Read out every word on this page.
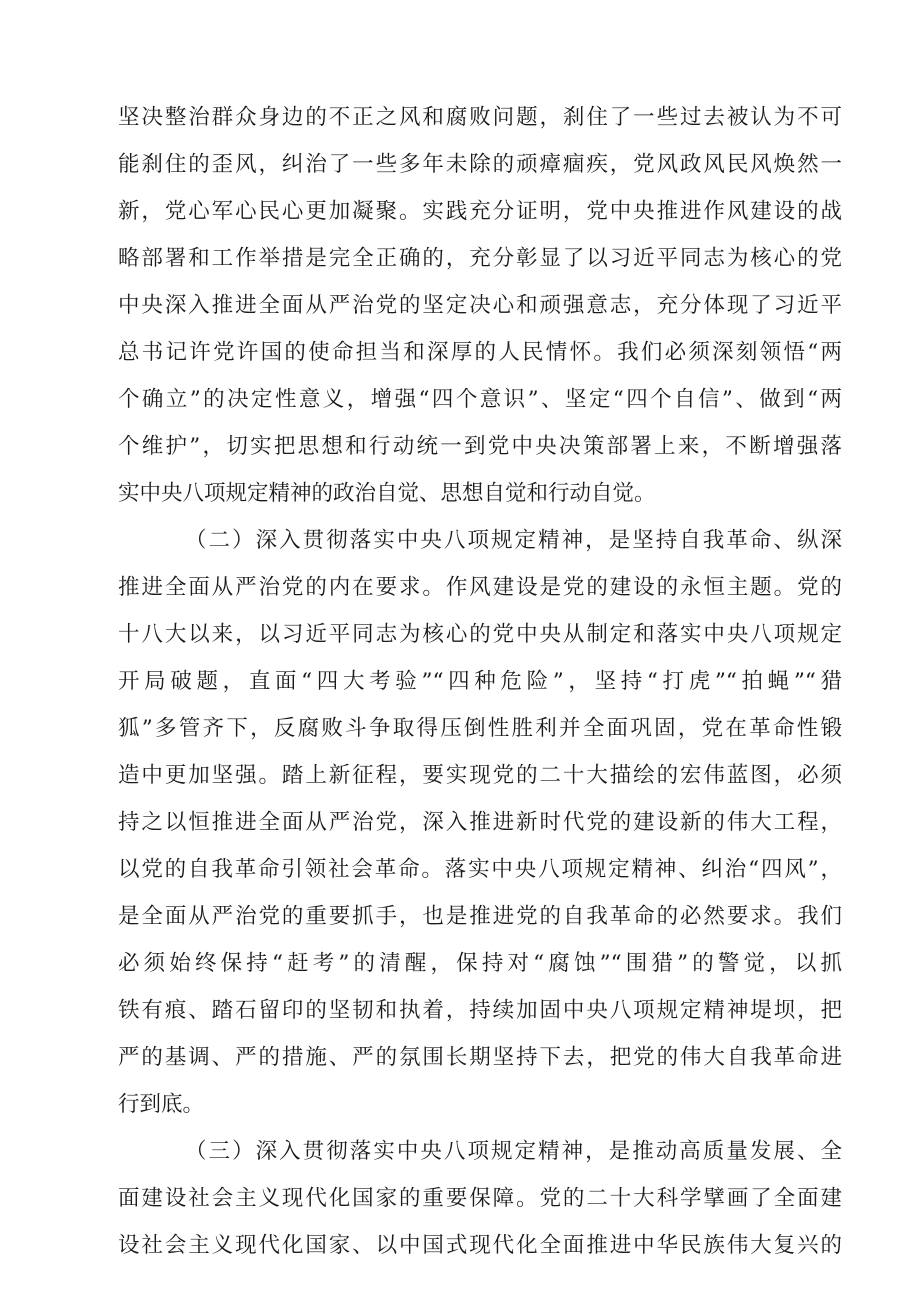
坚决整治群众身边的不正之风和腐败问题，刹住了一些过去被认为不可
能刹住的歪风，纠治了一些多年未除的顽瘴痼疾，党风政风民风焕然一
新，党心军心民心更加凝聚。实践充分证明，党中央推进作风建设的战
略部署和工作举措是完全正确的，充分彰显了以习近平同志为核心的党
中央深入推进全面从严治党的坚定决心和顽强意志，充分体现了习近平
总书记许党许国的使命担当和深厚的人民情怀。我们必须深刻领悟“两
个确立”的决定性意义，增强“四个意识”、坚定“四个自信”、做到“两
个维护”，切实把思想和行动统一到党中央决策部署上来，不断增强落
实中央八项规定精神的政治自觉、思想自觉和行动自觉。
（二）深入贯彻落实中央八项规定精神，是坚持自我革命、纵深
推进全面从严治党的内在要求。作风建设是党的建设的永恒主题。党的
十八大以来，以习近平同志为核心的党中央从制定和落实中央八项规定
开局破题，直面“四大考验”“四种危险”，坚持“打虎”“拍蝇”“猎
狐”多管齐下，反腐败斗争取得压倒性胜利并全面巩固，党在革命性锻
造中更加坚强。踏上新征程，要实现党的二十大描绘的宏伟蓝图，必须
持之以恒推进全面从严治党，深入推进新时代党的建设新的伟大工程，
以党的自我革命引领社会革命。落实中央八项规定精神、纠治“四风”，
是全面从严治党的重要抓手，也是推进党的自我革命的必然要求。我们
必须始终保持“赶考”的清醒，保持对“腐蚀”“围猎”的警觉，以抓
铁有痕、踏石留印的坚韧和执着，持续加固中央八项规定精神堤坝，把
严的基调、严的措施、严的氛围长期坚持下去，把党的伟大自我革命进
行到底。
（三）深入贯彻落实中央八项规定精神，是推动高质量发展、全
面建设社会主义现代化国家的重要保障。党的二十大科学擘画了全面建
设社会主义现代化国家、以中国式现代化全面推进中华民族伟大复兴的
